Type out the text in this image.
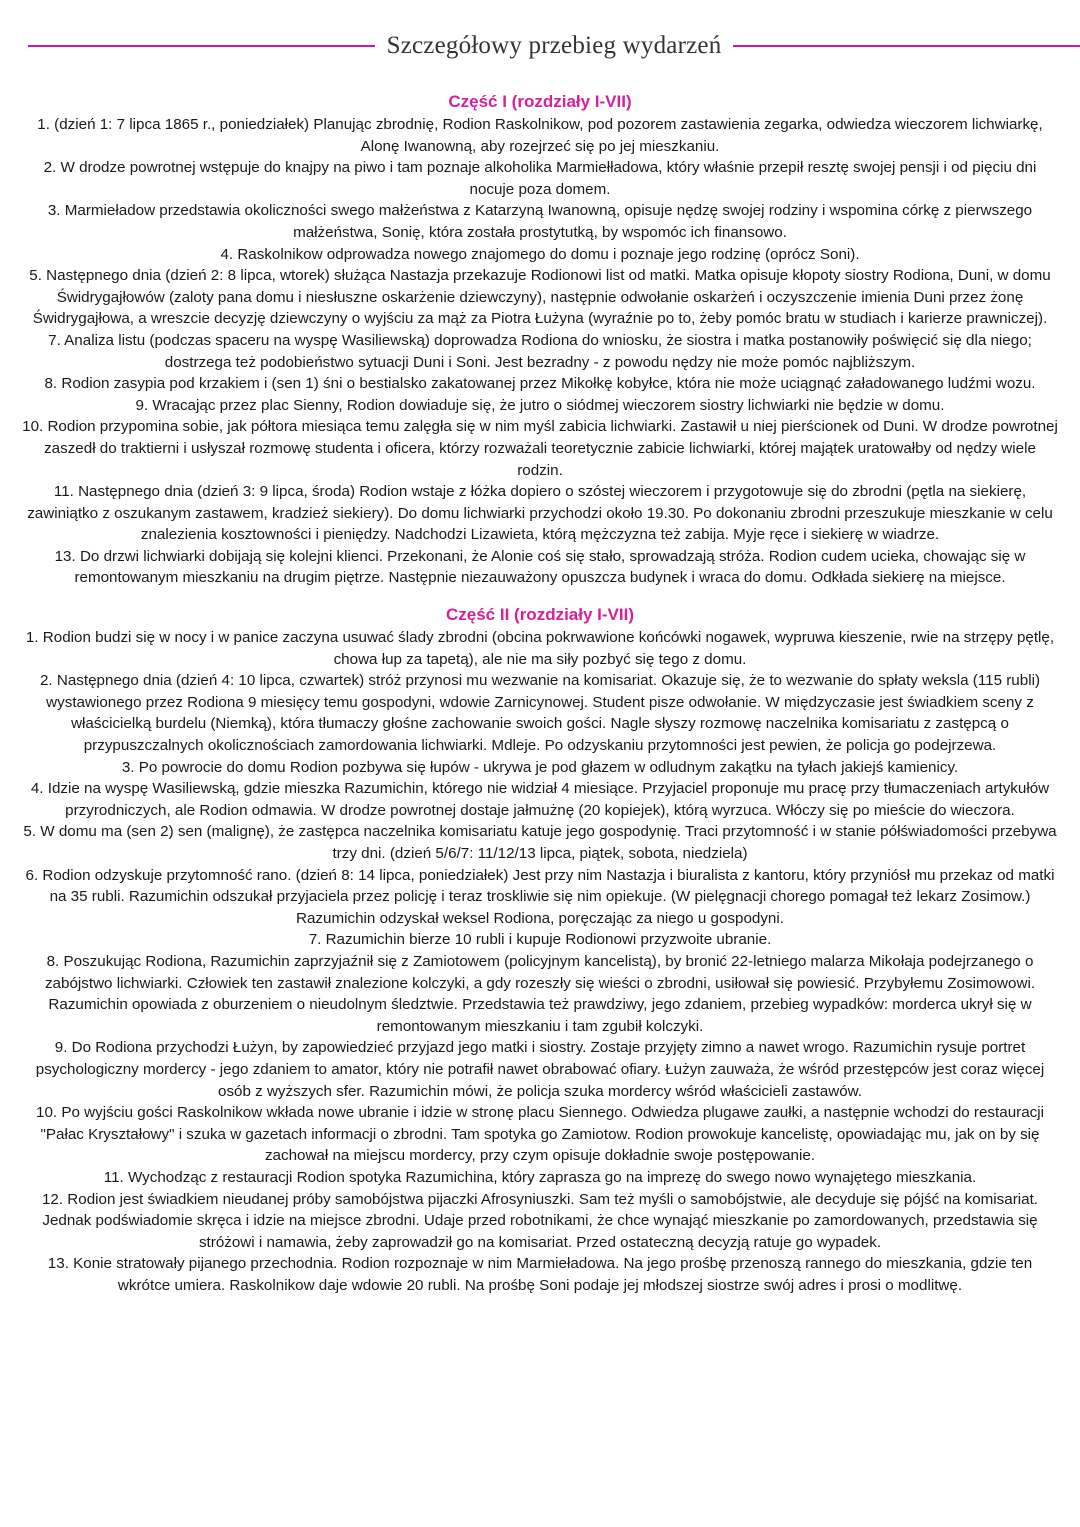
Szczegółowy przebieg wydarzeń
Część I (rozdziały I-VII)

1. (dzień 1: 7 lipca 1865 r., poniedziałek) Planując zbrodnię, Rodion Raskolnikow, pod pozorem zastawienia zegarka, odwiedza wieczorem lichwiarkę, Alonę Iwanowną, aby rozejrzeć się po jej mieszkaniu.

2. W drodze powrotnej wstępuje do knajpy na piwo i tam poznaje alkoholika Marmiełładowa, który właśnie przepił resztę swojej pensji i od pięciu dni nocuje poza domem.

3. Marmieładow przedstawia okoliczności swego małżeństwa z Katarzyną Iwanowną, opisuje nędzę swojej rodziny i wspomina córkę z pierwszego małżeństwa, Sonię, która została prostytutką, by wspomóc ich finansowo.

4. Raskolnikow odprowadza nowego znajomego do domu i poznaje jego rodzinę (oprócz Soni).

5. Następnego dnia (dzień 2: 8 lipca, wtorek) służąca Nastazja przekazuje Rodionowi list od matki. Matka opisuje kłopoty siostry Rodiona, Duni, w domu Świdrygajłowów (zaloty pana domu i niesłuszne oskarżenie dziewczyny), następnie odwołanie oskarżeń i oczyszczenie imienia Duni przez żonę Świdrygajłowa, a wreszcie decyzję dziewczyny o wyjściu za mąż za Piotra Łużyna (wyraźnie po to, żeby pomóc bratu w studiach i karierze prawniczej).

7. Analiza listu (podczas spaceru na wyspę Wasiliewską) doprowadza Rodiona do wniosku, że siostra i matka postanowiły poświęcić się dla niego; dostrzega też podobieństwo sytuacji Duni i Soni. Jest bezradny - z powodu nędzy nie może pomóc najbliższym.

8. Rodion zasypia pod krzakiem i (sen 1) śni o bestialsko zakatowanej przez Mikołkę kobyłce, która nie może uciągnąć załadowanego ludźmi wozu.

9. Wracając przez plac Sienny, Rodion dowiaduje się, że jutro o siódmej wieczorem siostry lichwiarki nie będzie w domu.

10. Rodion przypomina sobie, jak półtora miesiąca temu zalęgła się w nim myśl zabicia lichwiarki. Zastawił u niej pierścionek od Duni. W drodze powrotnej zaszedł do traktierni i usłyszał rozmowę studenta i oficera, którzy rozważali teoretycznie zabicie lichwiarki, której majątek uratowałby od nędzy wiele rodzin.

11. Następnego dnia (dzień 3: 9 lipca, środa) Rodion wstaje z łóżka dopiero o szóstej wieczorem i przygotowuje się do zbrodni (pętla na siekierę, zawiniątko z oszukanym zastawem, kradzież siekiery). Do domu lichwiarki przychodzi około 19.30. Po dokonaniu zbrodni przeszukuje mieszkanie w celu znalezienia kosztowności i pieniędzy. Nadchodzi Lizawieta, którą mężczyzna też zabija. Myje ręce i siekierę w wiadrze.

13. Do drzwi lichwiarki dobijają się kolejni klienci. Przekonani, że Alonie coś się stało, sprowadzają stróża. Rodion cudem ucieka, chowając się w remontowanym mieszkaniu na drugim piętrze. Następnie niezauważony opuszcza budynek i wraca do domu. Odkłada siekierę na miejsce.

Część II (rozdziały I-VII)

1. Rodion budzi się w nocy i w panice zaczyna usuwać ślady zbrodni (obcina pokrwawione końcówki nogawek, wypruwa kieszenie, rwie na strzępy pętlę, chowa łup za tapetą), ale nie ma siły pozbyć się tego z domu.

2. Następnego dnia (dzień 4: 10 lipca, czwartek) stróż przynosi mu wezwanie na komisariat. Okazuje się, że to wezwanie do spłaty weksla (115 rubli) wystawionego przez Rodiona 9 miesięcy temu gospodyni, wdowie Zarnicynowej. Student pisze odwołanie. W międzyczasie jest świadkiem sceny z właścicielką burdelu (Niemką), która tłumaczy głośne zachowanie swoich gości. Nagle słyszy rozmowę naczelnika komisariatu z zastępcą o przypuszczalnych okolicznościach zamordowania lichwiarki. Mdleje. Po odzyskaniu przytomności jest pewien, że policja go podejrzewa.

3. Po powrocie do domu Rodion pozbywa się łupów - ukrywa je pod głazem w odludnym zakątku na tyłach jakiejś kamienicy.

4. Idzie na wyspę Wasiliewską, gdzie mieszka Razumichin, którego nie widział 4 miesiące. Przyjaciel proponuje mu pracę przy tłumaczeniach artykułów przyrodniczych, ale Rodion odmawia. W drodze powrotnej dostaje jałmużnę (20 kopiejek), którą wyrzuca. Włóczy się po mieście do wieczora.

5. W domu ma (sen 2) sen (malignę), że zastępca naczelnika komisariatu katuje jego gospodynię. Traci przytomność i w stanie półświadomości przebywa trzy dni. (dzień 5/6/7: 11/12/13 lipca, piątek, sobota, niedziela)

6. Rodion odzyskuje przytomność rano. (dzień 8: 14 lipca, poniedziałek) Jest przy nim Nastazja i biuralista z kantoru, który przyniósł mu przekaz od matki na 35 rubli. Razumichin odszukał przyjaciela przez policję i teraz troskliwie się nim opiekuje. (W pielęgnacji chorego pomagał też lekarz Zosimow.) Razumichin odzyskał weksel Rodiona, poręczając za niego u gospodyni.

7. Razumichin bierze 10 rubli i kupuje Rodionowi przyzwoite ubranie.

8. Poszukując Rodiona, Razumichin zaprzyjaźnił się z Zamiotowem (policyjnym kancelistą), by bronić 22-letniego malarza Mikołaja podejrzanego o zabójstwo lichwiarki. Człowiek ten zastawił znalezione kolczyki, a gdy rozeszły się wieści o zbrodni, usiłował się powiesić. Przybyłemu Zosimowowi. Razumichin opowiada z oburzeniem o nieudolnym śledztwie. Przedstawia też prawdziwy, jego zdaniem, przebieg wypadków: morderca ukrył się w remontowanym mieszkaniu i tam zgubił kolczyki.

9. Do Rodiona przychodzi Łużyn, by zapowiedzieć przyjazd jego matki i siostry. Zostaje przyjęty zimno a nawet wrogo. Razumichin rysuje portret psychologiczny mordercy - jego zdaniem to amator, który nie potrafił nawet obrabować ofiary. Łużyn zauważa, że wśród przestępców jest coraz więcej osób z wyższych sfer. Razumichin mówi, że policja szuka mordercy wśród właścicieli zastawów.

10. Po wyjściu gości Raskolnikow wkłada nowe ubranie i idzie w stronę placu Siennego. Odwiedza plugawe zaułki, a następnie wchodzi do restauracji "Pałac Kryształowy" i szuka w gazetach informacji o zbrodni. Tam spotyka go Zamiotow. Rodion prowokuje kancelistę, opowiadając mu, jak on by się zachował na miejscu mordercy, przy czym opisuje dokładnie swoje postępowanie.

11. Wychodząc z restauracji Rodion spotyka Razumichina, który zaprasza go na imprezę do swego nowo wynajętego mieszkania.

12. Rodion jest świadkiem nieudanej próby samobójstwa pijaczki Afrosyniuszki. Sam też myśli o samobójstwie, ale decyduje się pójść na komisariat. Jednak podświadomie skręca i idzie na miejsce zbrodni. Udaje przed robotnikami, że chce wynająć mieszkanie po zamordowanych, przedstawia się stróżowi i namawia, żeby zaprowadził go na komisariat. Przed ostateczną decyzją ratuje go wypadek.

13. Konie stratowały pijanego przechodnia. Rodion rozpoznaje w nim Marmieładowa. Na jego prośbę przenoszą rannego do mieszkania, gdzie ten wkrótce umiera. Raskolnikow daje wdowie 20 rubli. Na prośbę Soni podaje jej młodszej siostrze swój adres i prosi o modlitwę.
